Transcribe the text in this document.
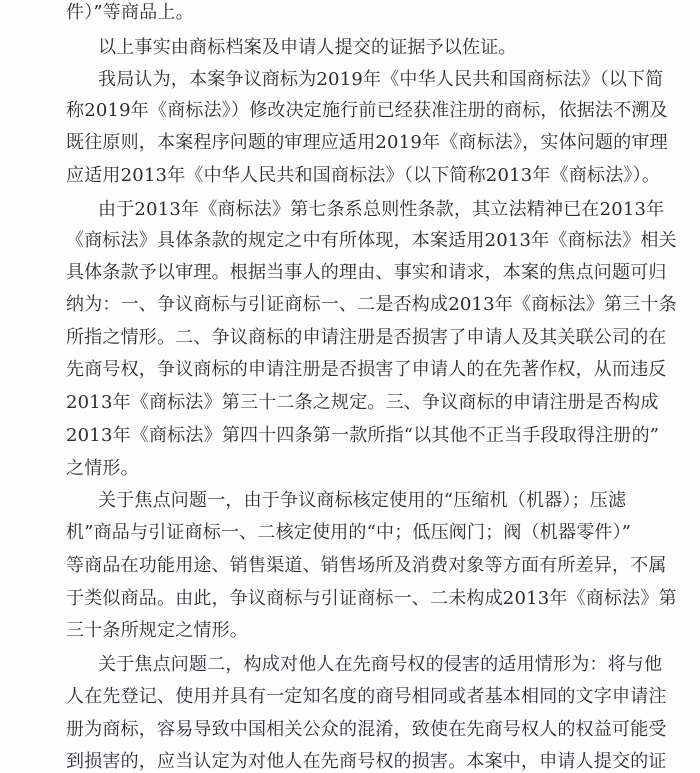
件）”等商品上。
以上事实由商标档案及申请人提交的证据予以佐证。
我局认为，本案争议商标为2019年《中华人民共和国商标法》（以下简
称2019年《商标法》）修改决定施行前已经获准注册的商标，依据法不溯及
既往原则，本案程序问题的审理应适用2019年《商标法》，实体问题的审理
应适用2013年《中华人民共和国商标法》（以下简称2013年《商标法》）。
由于2013年《商标法》第七条系总则性条款，其立法精神已在2013年
《商标法》具体条款的规定之中有所体现，本案适用2013年《商标法》相关
具体条款予以审理。根据当事人的理由、事实和请求，本案的焦点问题可归
纳为：一、争议商标与引证商标一、二是否构成2013年《商标法》第三十条
所指之情形。二、争议商标的申请注册是否损害了申请人及其关联公司的在
先商号权，争议商标的申请注册是否损害了申请人的在先著作权，从而违反
2013年《商标法》第三十二条之规定。三、争议商标的申请注册是否构成
2013年《商标法》第四十四条第一款所指“以其他不正当手段取得注册的”
之情形。
关于焦点问题一，由于争议商标核定使用的“压缩机（机器）；压滤
机”商品与引证商标一、二核定使用的“中；低压阀门；阀（机器零件）”
等商品在功能用途、销售渠道、销售场所及消费对象等方面有所差异，不属
于类似商品。由此，争议商标与引证商标一、二未构成2013年《商标法》第
三十条所规定之情形。
关于焦点问题二，构成对他人在先商号权的侵害的适用情形为：将与他
人在先登记、使用并具有一定知名度的商号相同或者基本相同的文字申请注
册为商标，容易导致中国相关公众的混淆，致使在先商号权人的权益可能受
到损害的，应当认定为对他人在先商号权的损害。本案中，申请人提交的证
